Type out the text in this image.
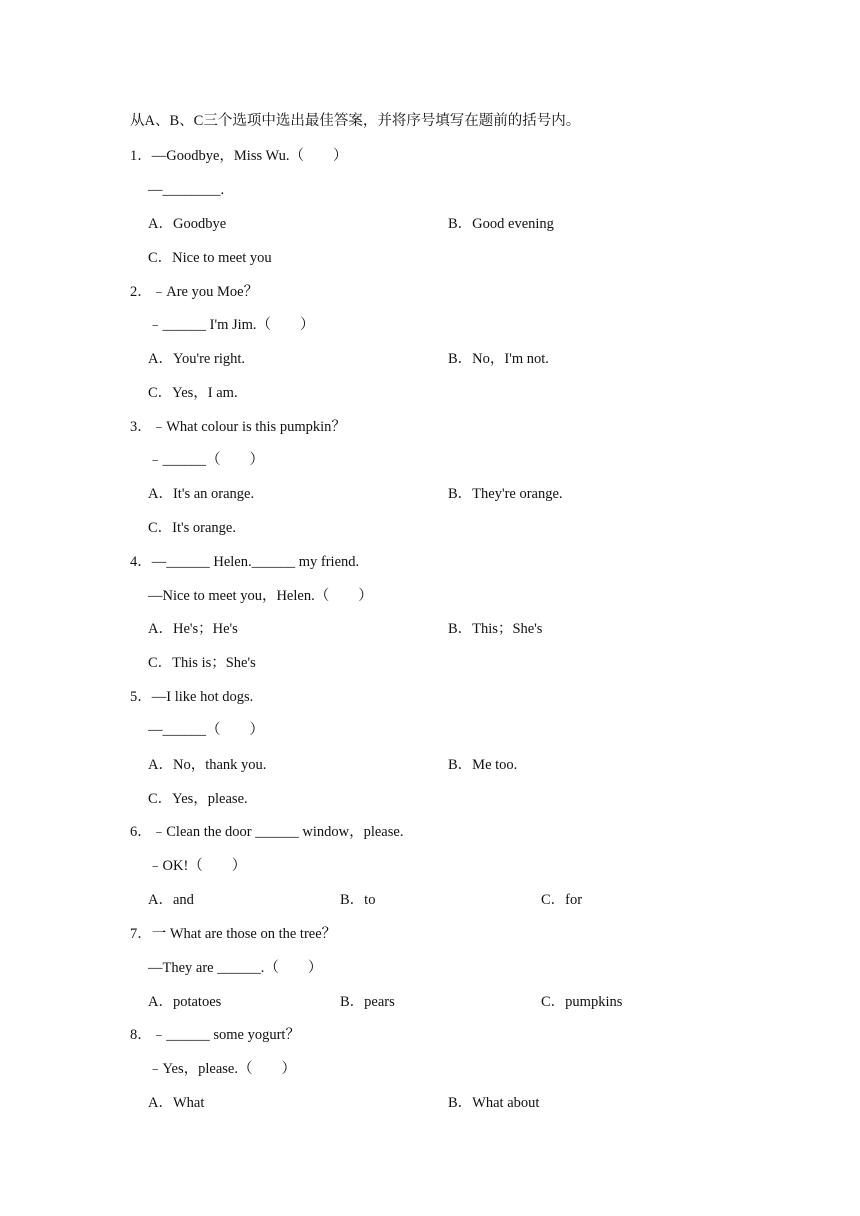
从A、B、C三个选项中选出最佳答案，并将序号填写在题前的括号内。
1．—Goodbye，Miss Wu.（　　）
—________.
A．Goodbye	B．Good evening
C．Nice to meet you
2．﹣Are you Moe？
﹣______ I'm Jim.（　　）
A．You're right.	B．No，I'm not.
C．Yes，I am.
3．﹣What colour is this pumpkin？
﹣______（　　）
A．It's an orange.	B．They're orange.
C．It's orange.
4．—______ Helen.______ my friend.
—Nice to meet you，Helen.（　　）
A．He's；He's	B．This；She's
C．This is；She's
5．—I like hot dogs.
—______（　　）
A．No，thank you.	B．Me too.
C．Yes，please.
6．﹣Clean the door ______ window，please.
﹣OK!（　　）
A．and	B．to	C．for
7．一 What are those on the tree？
—They are ______.（　　）
A．potatoes	B．pears	C．pumpkins
8．﹣______ some yogurt？
﹣Yes，please.（　　）
A．What	B．What about
